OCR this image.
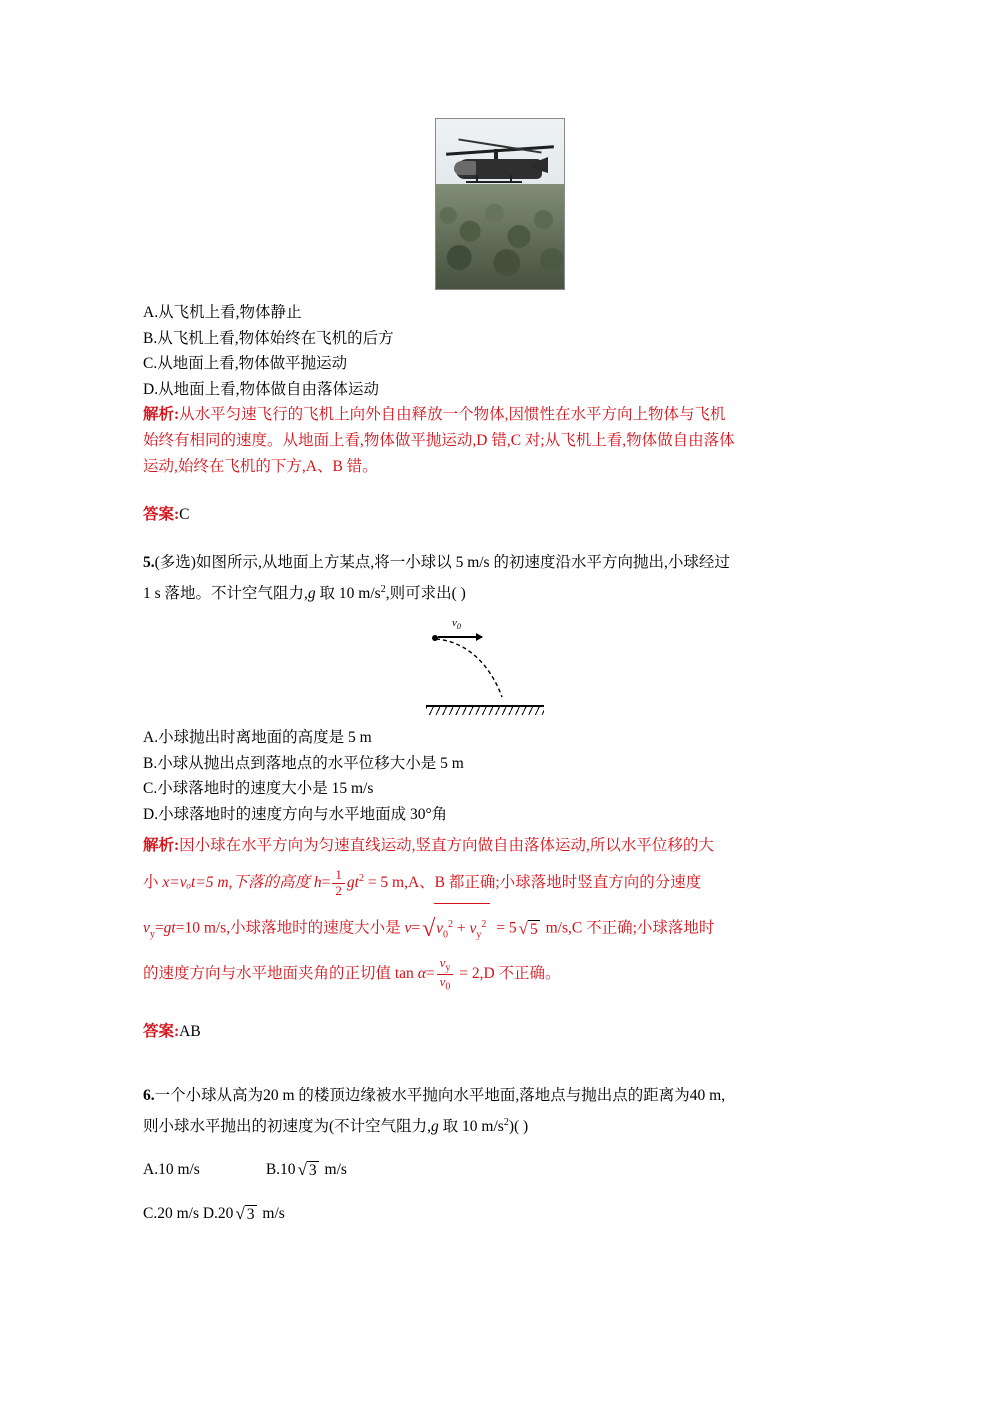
A.从飞机上看,物体静止

B.从飞机上看,物体始终在飞机的后方

C.从地面上看,物体做平抛运动

D.从地面上看,物体做自由落体运动

解析:从水平匀速飞行的飞机上向外自由释放一个物体,因惯性在水平方向上物体与飞机
始终有相同的速度。从地面上看,物体做平抛运动,D 错,C 对;从飞机上看,物体做自由落体
运动,始终在飞机的下方,A、B 错。

答案:C

5.(多选)如图所示,从地面上方某点,将一小球以 5 m/s 的初速度沿水平方向抛出,小球经过
1 s 落地。不计空气阻力,g 取 10 $m/s^2$,则可求出( )

$v_0$

A.小球抛出时离地面的高度是 5 m

B.小球从抛出点到落地点的水平位移大小是 5 m

C.小球落地时的速度大小是 15 m/s

D.小球落地时的速度方向与水平地面成 30°角

解析:因小球在水平方向为匀速直线运动,竖直方向做自由落体运动,所以水平位移的大
小 x=vₒt=5 m,下落的高度 $h= \frac{1}{2} gt^2 = 5$ m,A、B 都正确;小球落地时竖直方向的分速度
$v_y=gt=10$ m/s,小球落地时的速度大小是 v= √ $v_0^2 + v_y^2 = 5$ √ 5 m/s,C 不正确;小球落地时
的速度方向与水平地面夹角的正切值 $\tan \alpha= \frac{v_y}{v_0} = 2,D$ 不正确。

答案:AB

6.一个小球从高为20 m 的楼顶边缘被水平抛向水平地面,落地点与抛出点的距离为40 m,
则小球水平抛出的初速度为(不计空气阻力,g 取 10 $m/s^2$)( )

A.10 m/s	B.10 √ 3 m/s

C.20 m/s D.20 √ 3 m/s
